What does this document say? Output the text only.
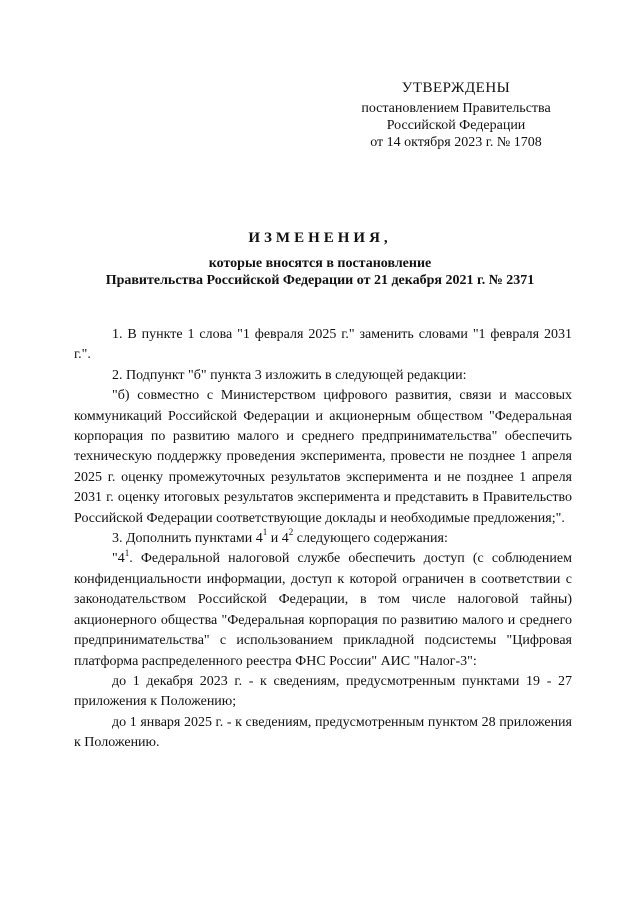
УТВЕРЖДЕНЫ
постановлением Правительства
Российской Федерации
от 14 октября 2023 г. № 1708
ИЗМЕНЕНИЯ,
которые вносятся в постановление
Правительства Российской Федерации от 21 декабря 2021 г. № 2371

1. В пункте 1 слова "1 февраля 2025 г." заменить словами "1 февраля 2031 г.".

2. Подпункт "б" пункта 3 изложить в следующей редакции:

"б) совместно с Министерством цифрового развития, связи и массовых коммуникаций Российской Федерации и акционерным обществом "Федеральная корпорация по развитию малого и среднего предпринимательства" обеспечить техническую поддержку проведения эксперимента, провести не позднее 1 апреля 2025 г. оценку промежуточных результатов эксперимента и не позднее 1 апреля 2031 г. оценку итоговых результатов эксперимента и представить в Правительство Российской Федерации соответствующие доклады и необходимые предложения;".

3. Дополнить пунктами $4^1$ и $4^2$ следующего содержания:

"$4^1$. Федеральной налоговой службе обеспечить доступ (с соблюдением конфиденциальности информации, доступ к которой ограничен в соответствии с законодательством Российской Федерации, в том числе налоговой тайны) акционерного общества "Федеральная корпорация по развитию малого и среднего предпринимательства" с использованием прикладной подсистемы "Цифровая платформа распределенного реестра ФНС России" АИС "Налог-3":

до 1 декабря 2023 г. - к сведениям, предусмотренным пунктами 19 - 27 приложения к Положению;

до 1 января 2025 г. - к сведениям, предусмотренным пунктом 28 приложения к Положению.
